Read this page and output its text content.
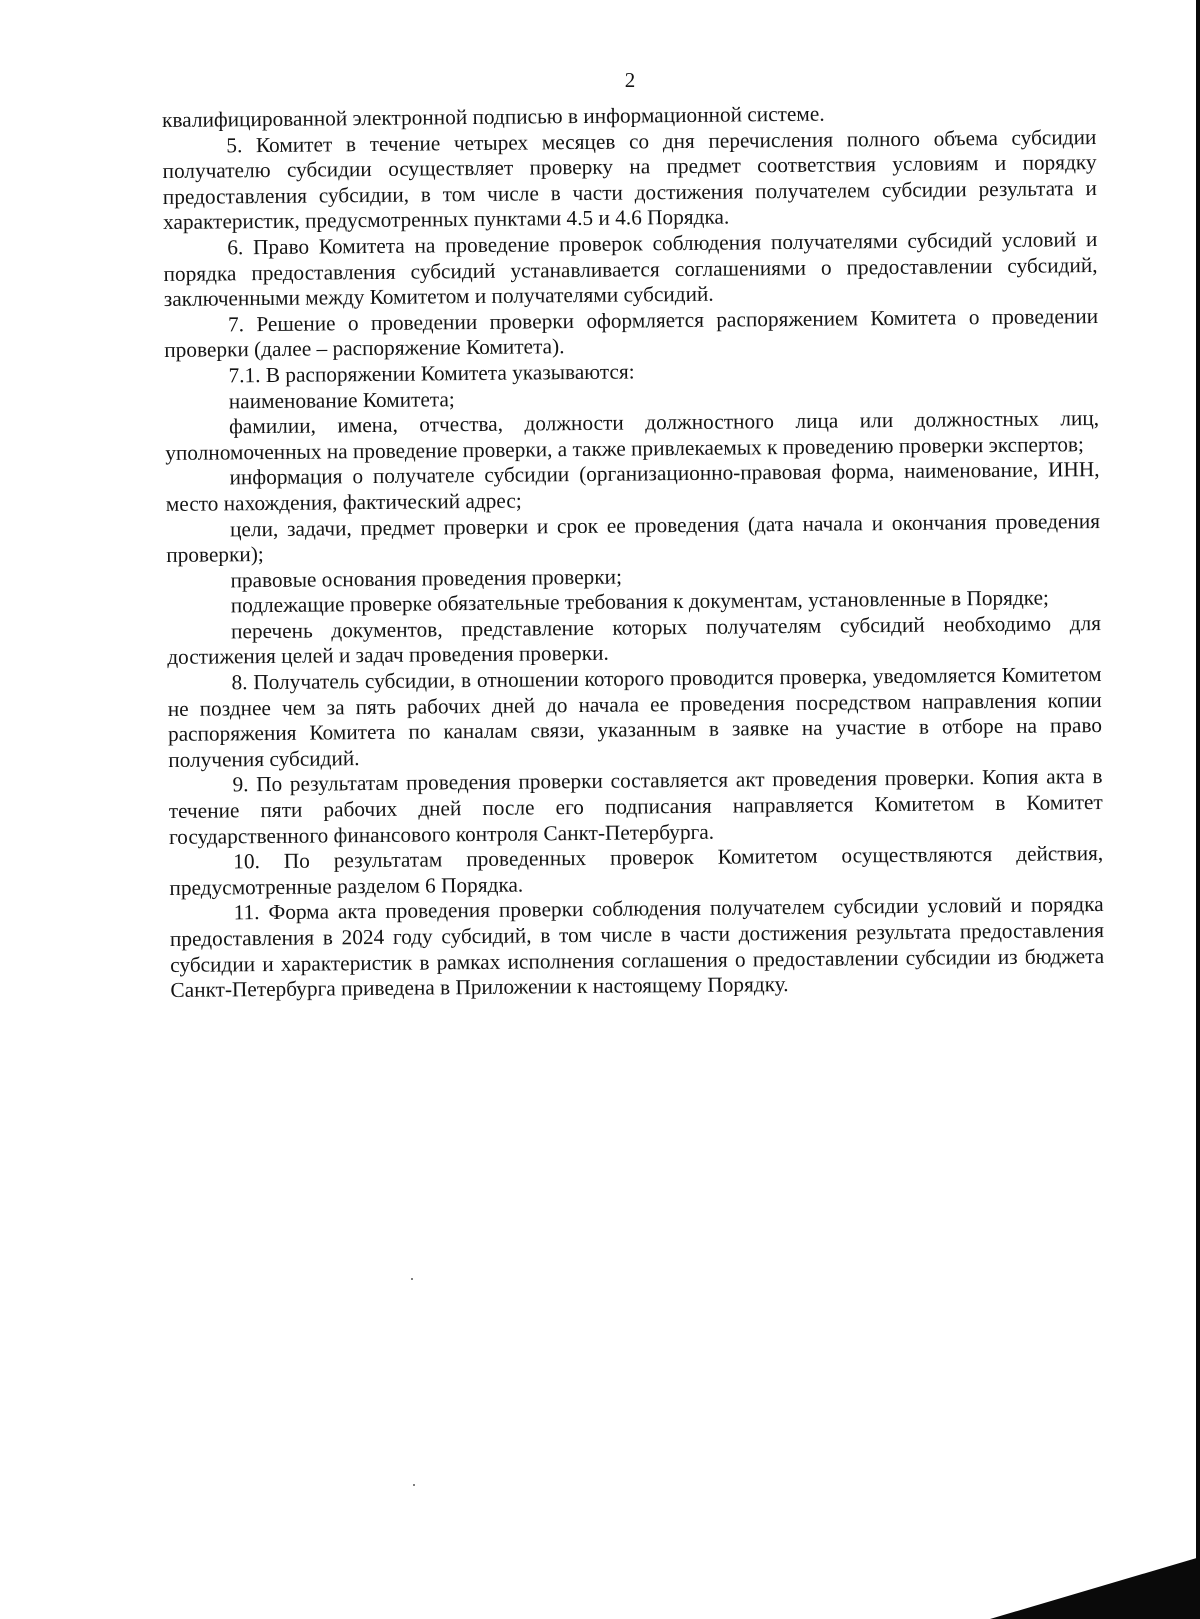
2

квалифицированной электронной подписью в информационной системе.

5. Комитет в течение четырех месяцев со дня перечисления полного объема субсидии получателю субсидии осуществляет проверку на предмет соответствия условиям и порядку предоставления субсидии, в том числе в части достижения получателем субсидии результата и характеристик, предусмотренных пунктами 4.5 и 4.6 Порядка.

6. Право Комитета на проведение проверок соблюдения получателями субсидий условий и порядка предоставления субсидий устанавливается соглашениями о предоставлении субсидий, заключенными между Комитетом и получателями субсидий.

7. Решение о проведении проверки оформляется распоряжением Комитета о проведении проверки (далее – распоряжение Комитета).

7.1. В распоряжении Комитета указываются:

наименование Комитета;

фамилии, имена, отчества, должности должностного лица или должностных лиц, уполномоченных на проведение проверки, а также привлекаемых к проведению проверки экспертов;

информация о получателе субсидии (организационно-правовая форма, наименование, ИНН, место нахождения, фактический адрес;

цели, задачи, предмет проверки и срок ее проведения (дата начала и окончания проведения проверки);

правовые основания проведения проверки;

подлежащие проверке обязательные требования к документам, установленные в Порядке;

перечень документов, представление которых получателям субсидий необходимо для достижения целей и задач проведения проверки.

8. Получатель субсидии, в отношении которого проводится проверка, уведомляется Комитетом не позднее чем за пять рабочих дней до начала ее проведения посредством направления копии распоряжения Комитета по каналам связи, указанным в заявке на участие в отборе на право получения субсидий.

9. По результатам проведения проверки составляется акт проведения проверки. Копия акта в течение пяти рабочих дней после его подписания направляется Комитетом в Комитет государственного финансового контроля Санкт-Петербурга.

10. По результатам проведенных проверок Комитетом осуществляются действия, предусмотренные разделом 6 Порядка.

11. Форма акта проведения проверки соблюдения получателем субсидии условий и порядка предоставления в 2024 году субсидий, в том числе в части достижения результата предоставления субсидии и характеристик в рамках исполнения соглашения о предоставлении субсидии из бюджета Санкт-Петербурга приведена в Приложении к настоящему Порядку.
